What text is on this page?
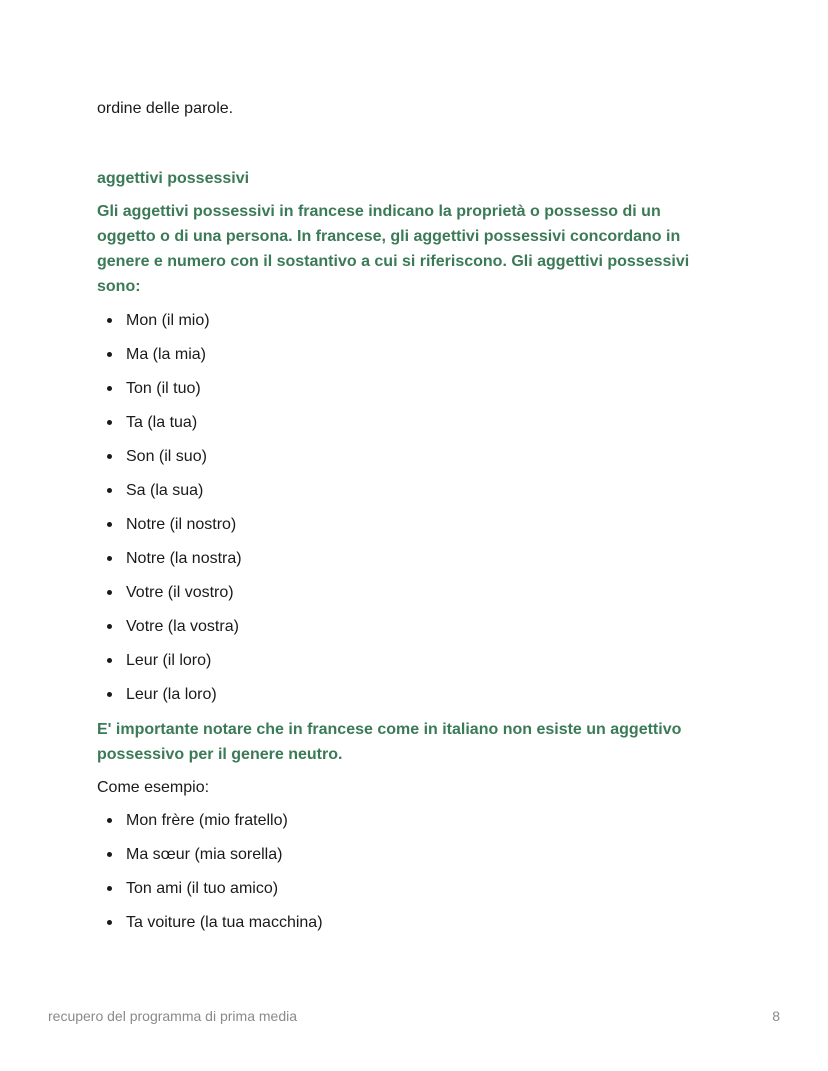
ordine delle parole.

aggettivi possessivi

Gli aggettivi possessivi in francese indicano la proprietà o possesso di un oggetto o di una persona. In francese, gli aggettivi possessivi concordano in genere e numero con il sostantivo a cui si riferiscono. Gli aggettivi possessivi sono:

Mon (il mio)
Ma (la mia)
Ton (il tuo)
Ta (la tua)
Son (il suo)
Sa (la sua)
Notre (il nostro)
Notre (la nostra)
Votre (il vostro)
Votre (la vostra)
Leur (il loro)
Leur (la loro)

E' importante notare che in francese come in italiano non esiste un aggettivo possessivo per il genere neutro.

Come esempio:

Mon frère (mio fratello)
Ma sœur (mia sorella)
Ton ami (il tuo amico)
Ta voiture (la tua macchina)
recupero del programma di prima media	8
